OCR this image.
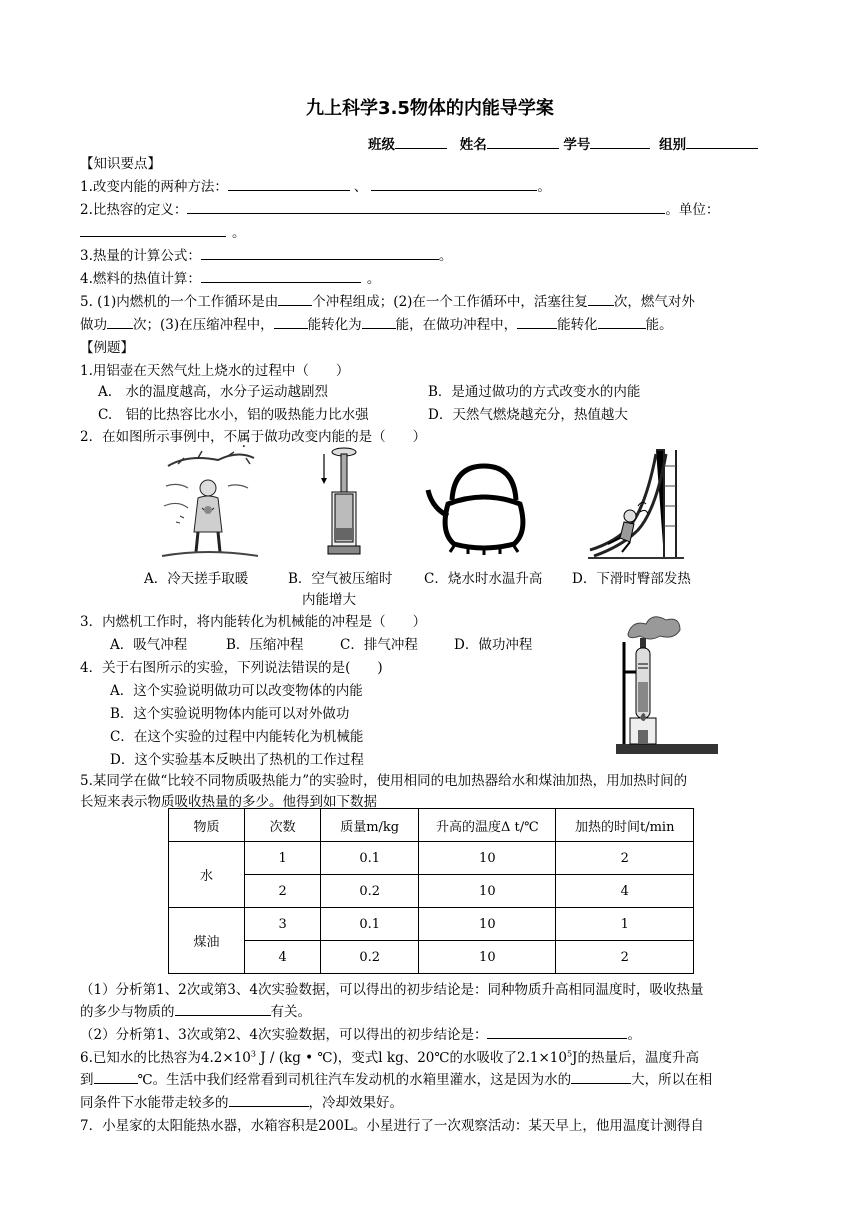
九上科学3.5物体的内能导学案
班级	姓名	学号	组别
【知识要点】
1.改变内能的两种方法：	、	。
2.比热容的定义：	。单位：
。
3.热量的计算公式：	。
4.燃料的热值计算：	。
5. (1)内燃机的一个工作循环是由	个冲程组成；(2)在一个工作循环中，活塞往复 次，燃气对外
做功 次；(3)在压缩冲程中，	能转化为	能，在做功冲程中，	能转化	能。
【例题】
1.用铝壶在天然气灶上烧水的过程中（　　）
A.　水的温度越高，水分子运动越剧烈	B．是通过做功的方式改变水的内能
C.　铝的比热容比水小，铝的吸热能力比水强	D．天然气燃烧越充分，热值越大
2．在如图所示事例中，不属于做功改变内能的是（　　）
A．冷天搓手取暖	B．空气被压缩时
内能增大
C．烧水时水温升高 D．下滑时臀部发热
3．内燃机工作时，将内能转化为机械能的冲程是（　　）
A．吸气冲程	B．压缩冲程	C．排气冲程	D．做功冲程
4．关于右图所示的实验，下列说法错误的是(　　)
A．这个实验说明做功可以改变物体的内能
B．这个实验说明物体内能可以对外做功
C．在这个实验的过程中内能转化为机械能
D．这个实验基本反映出了热机的工作过程
5.某同学在做“比较不同物质吸热能力”的实验时，使用相同的电加热器给水和煤油加热，用加热时间的
长短来表示物质吸收热量的多少。他得到如下数据
物质	次数	质量m/kg	升高的温度Δ t/℃	加热的时间t/min
水	1	0.1	10	2
	2	0.2	10	4
煤油	3	0.1	10	1
	4	0.2	10	2
（1）分析第1、2次或第3、4次实验数据，可以得出的初步结论是：同种物质升高相同温度时，吸收热量
的多少与物质的	有关。
（2）分析第1、3次或第2、4次实验数据，可以得出的初步结论是：	。
6.已知水的比热容为$4.2\times 10^3$ J / (kg • ℃)，变式l kg、20℃的水吸收了$2.1\times 10^5J$的热量后，温度升高
到	℃。生活中我们经常看到司机往汽车发动机的水箱里灌水，这是因为水的	大，所以在相
同条件下水能带走较多的	，冷却效果好。
7．小星家的太阳能热水器，水箱容积是200L。小星进行了一次观察活动：某天早上，他用温度计测得自
